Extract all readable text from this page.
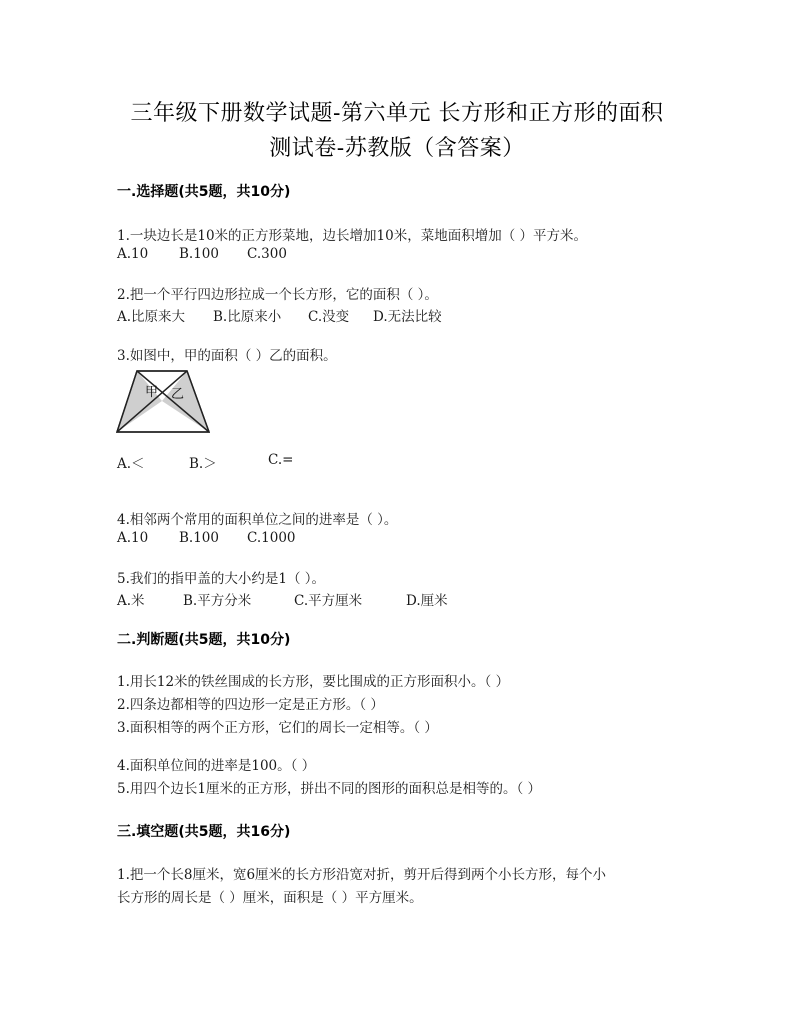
三年级下册数学试题-第六单元 长方形和正方形的面积
测试卷-苏教版（含答案）
一.选择题(共5题，共10分)
1.一块边长是10米的正方形菜地，边长增加10米，菜地面积增加（ ）平方米。
A.10 B.100 C.300
2.把一个平行四边形拉成一个长方形，它的面积（ ）。
A.比原来大 B.比原来小 C.没变 D.无法比较
3.如图中，甲的面积（ ）乙的面积。
甲 乙
A.＜	B.＞	C.=
4.相邻两个常用的面积单位之间的进率是（ ）。
A.10 B.100 C.1000
5.我们的指甲盖的大小约是1（ ）。
A.米	B.平方分米	C.平方厘米	D.厘米
二.判断题(共5题，共10分)
1.用长12米的铁丝围成的长方形，要比围成的正方形面积小。（ ）
2.四条边都相等的四边形一定是正方形。（ ）
3.面积相等的两个正方形，它们的周长一定相等。（ ）
4.面积单位间的进率是100。（ ）
5.用四个边长1厘米的正方形，拼出不同的图形的面积总是相等的。（ ）
三.填空题(共5题，共16分)
1.把一个长8厘米，宽6厘米的长方形沿宽对折，剪开后得到两个小长方形，每个小
长方形的周长是（ ）厘米，面积是（ ）平方厘米。
